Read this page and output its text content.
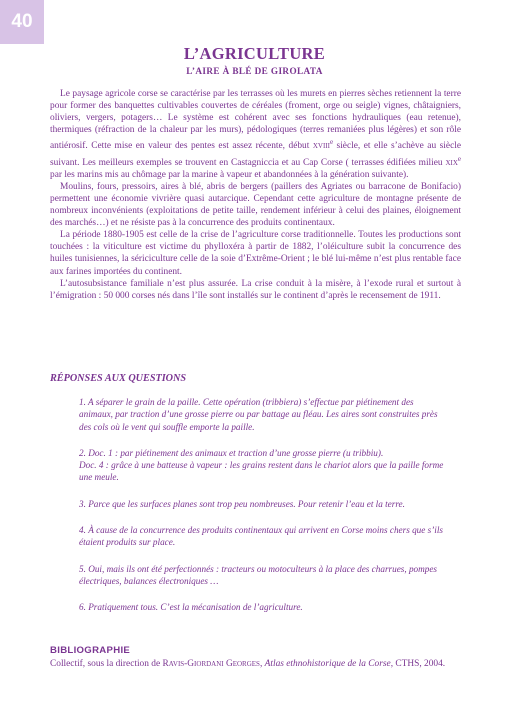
40
L’AGRICULTURE
L’AIRE À BLÉ DE GIROLATA

Le paysage agricole corse se caractérise par les terrasses où les murets en pierres sèches retiennent la terre pour former des banquettes cultivables couvertes de céréales (froment, orge ou seigle) vignes, châtaigniers, oliviers, vergers, potagers… Le système est cohérent avec ses fonctions hydrauliques (eau retenue), thermiques (réfraction de la chaleur par les murs), pédologiques (terres remaniées plus légères) et son rôle antiérosif. Cette mise en valeur des pentes est assez récente, début XVIIIe siècle, et elle s’achève au siècle suivant. Les meilleurs exemples se trouvent en Castagniccia et au Cap Corse ( terrasses édifiées milieu XIXe par les marins mis au chômage par la marine à vapeur et abandonnées à la génération suivante).

Moulins, fours, pressoirs, aires à blé, abris de bergers (paillers des Agriates ou barracone de Bonifacio) permettent une économie vivrière quasi autarcique. Cependant cette agriculture de montagne présente de nombreux inconvénients (exploitations de petite taille, rendement inférieur à celui des plaines, éloignement des marchés…) et ne résiste pas à la concurrence des produits continentaux.

La période 1880-1905 est celle de la crise de l’agriculture corse traditionnelle. Toutes les productions sont touchées : la viticulture est victime du phylloxéra à partir de 1882, l’oléiculture subit la concurrence des huiles tunisiennes, la sériciculture celle de la soie d’Extrême-Orient ; le blé lui-même n’est plus rentable face aux farines importées du continent.

L’autosubsistance familiale n’est plus assurée. La crise conduit à la misère, à l’exode rural et surtout à l’émigration : 50 000 corses nés dans l’île sont installés sur le continent d’après le recensement de 1911.

RÉPONSES AUX QUESTIONS

1. A séparer le grain de la paille. Cette opération (tribbiera) s’effectue par piétinement des animaux, par traction d’une grosse pierre ou par battage au fléau. Les aires sont construites près des cols où le vent qui souffle emporte la paille.

2. Doc. 1 : par piétinement des animaux et traction d’une grosse pierre (u tribbiu).

Doc. 4 : grâce à une batteuse à vapeur : les grains restent dans le chariot alors que la paille forme une meule.

3. Parce que les surfaces planes sont trop peu nombreuses. Pour retenir l’eau et la terre.

4. À cause de la concurrence des produits continentaux qui arrivent en Corse moins chers que s’ils étaient produits sur place.

5. Oui, mais ils ont été perfectionnés : tracteurs ou motoculteurs à la place des charrues, pompes électriques, balances électroniques …

6. Pratiquement tous. C’est la mécanisation de l’agriculture.

BIBLIOGRAPHIE
Collectif, sous la direction de Ravis-Giordani Georges, Atlas ethnohistorique de la Corse, CTHS, 2004.
